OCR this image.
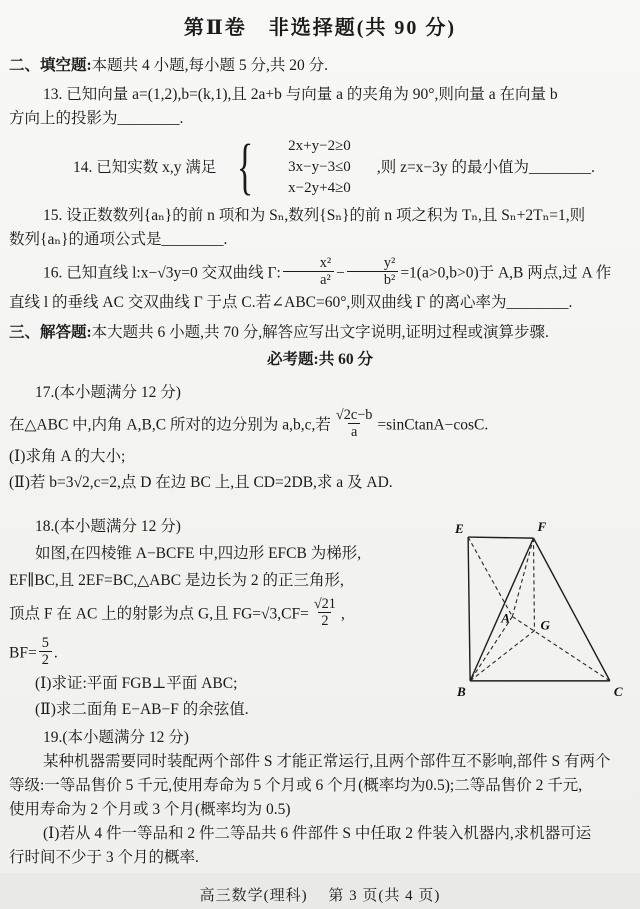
第Ⅱ卷　非选择题(共 90 分)
二、填空题:本题共 4 小题,每小题 5 分,共 20 分.
13. 已知向量 a=(1,2),b=(k,1),且 2a+b 与向量 a 的夹角为 90°,则向量 a 在向量 b
方向上的投影为________.
14. 已知实数 x,y 满足 {	2x+y−2≥0
3x−y−3≤0
x−2y+4≥0
,则 z=x−3y 的最小值为________.
15. 设正数数列{aₙ}的前 n 项和为 Sₙ,数列{Sₙ}的前 n 项之积为 Tₙ,且 Sₙ+2Tₙ=1,则
数列{aₙ}的通项公式是________.
16. 已知直线 l:x−√3y=0 交双曲线 Γ: $\frac{\text{x²}}{\text{a²}} - \frac{\text{y²}}{\text{b²}} =1(a>0,b>0)$于 A,B 两点,过 A 作
直线 l 的垂线 AC 交双曲线 Γ 于点 C.若∠ABC=60°,则双曲线 Γ 的离心率为________.
三、解答题:本大题共 6 小题,共 70 分,解答应写出文字说明,证明过程或演算步骤.
必考题:共 60 分
17.(本小题满分 12 分)
在△ABC 中,内角 A,B,C 所对的边分别为 a,b,c,若 $\frac{√2c-b}{a}$ =sinCtanA−cosC.
(Ⅰ)求角 A 的大小;
(Ⅱ)若 b=3√2,c=2,点 D 在边 BC 上,且 CD=2DB,求 a 及 AD.
E	F
A G
B	C
18.(本小题满分 12 分)
如图,在四棱锥 A−BCFE 中,四边形 EFCB 为梯形,
EF∥BC,且 2EF=BC,△ABC 是边长为 2 的正三角形,
顶点 F 在 AC 上的射影为点 G,且 $FG=√3,CF= \frac{√21}{2}$ ,
$BF= \frac{5}{2}$ .
(Ⅰ)求证:平面 FGB⊥平面 ABC;
(Ⅱ)求二面角 E−AB−F 的余弦值.
19.(本小题满分 12 分)
某种机器需要同时装配两个部件 S 才能正常运行,且两个部件互不影响,部件 S 有两个
等级:一等品售价 5 千元,使用寿命为 5 个月或 6 个月(概率均为0.5);二等品售价 2 千元,
使用寿命为 2 个月或 3 个月(概率均为 0.5)
(Ⅰ)若从 4 件一等品和 2 件二等品共 6 件部件 S 中任取 2 件装入机器内,求机器可运
行时间不少于 3 个月的概率.
高三数学(理科)　 第 3 页(共 4 页)
